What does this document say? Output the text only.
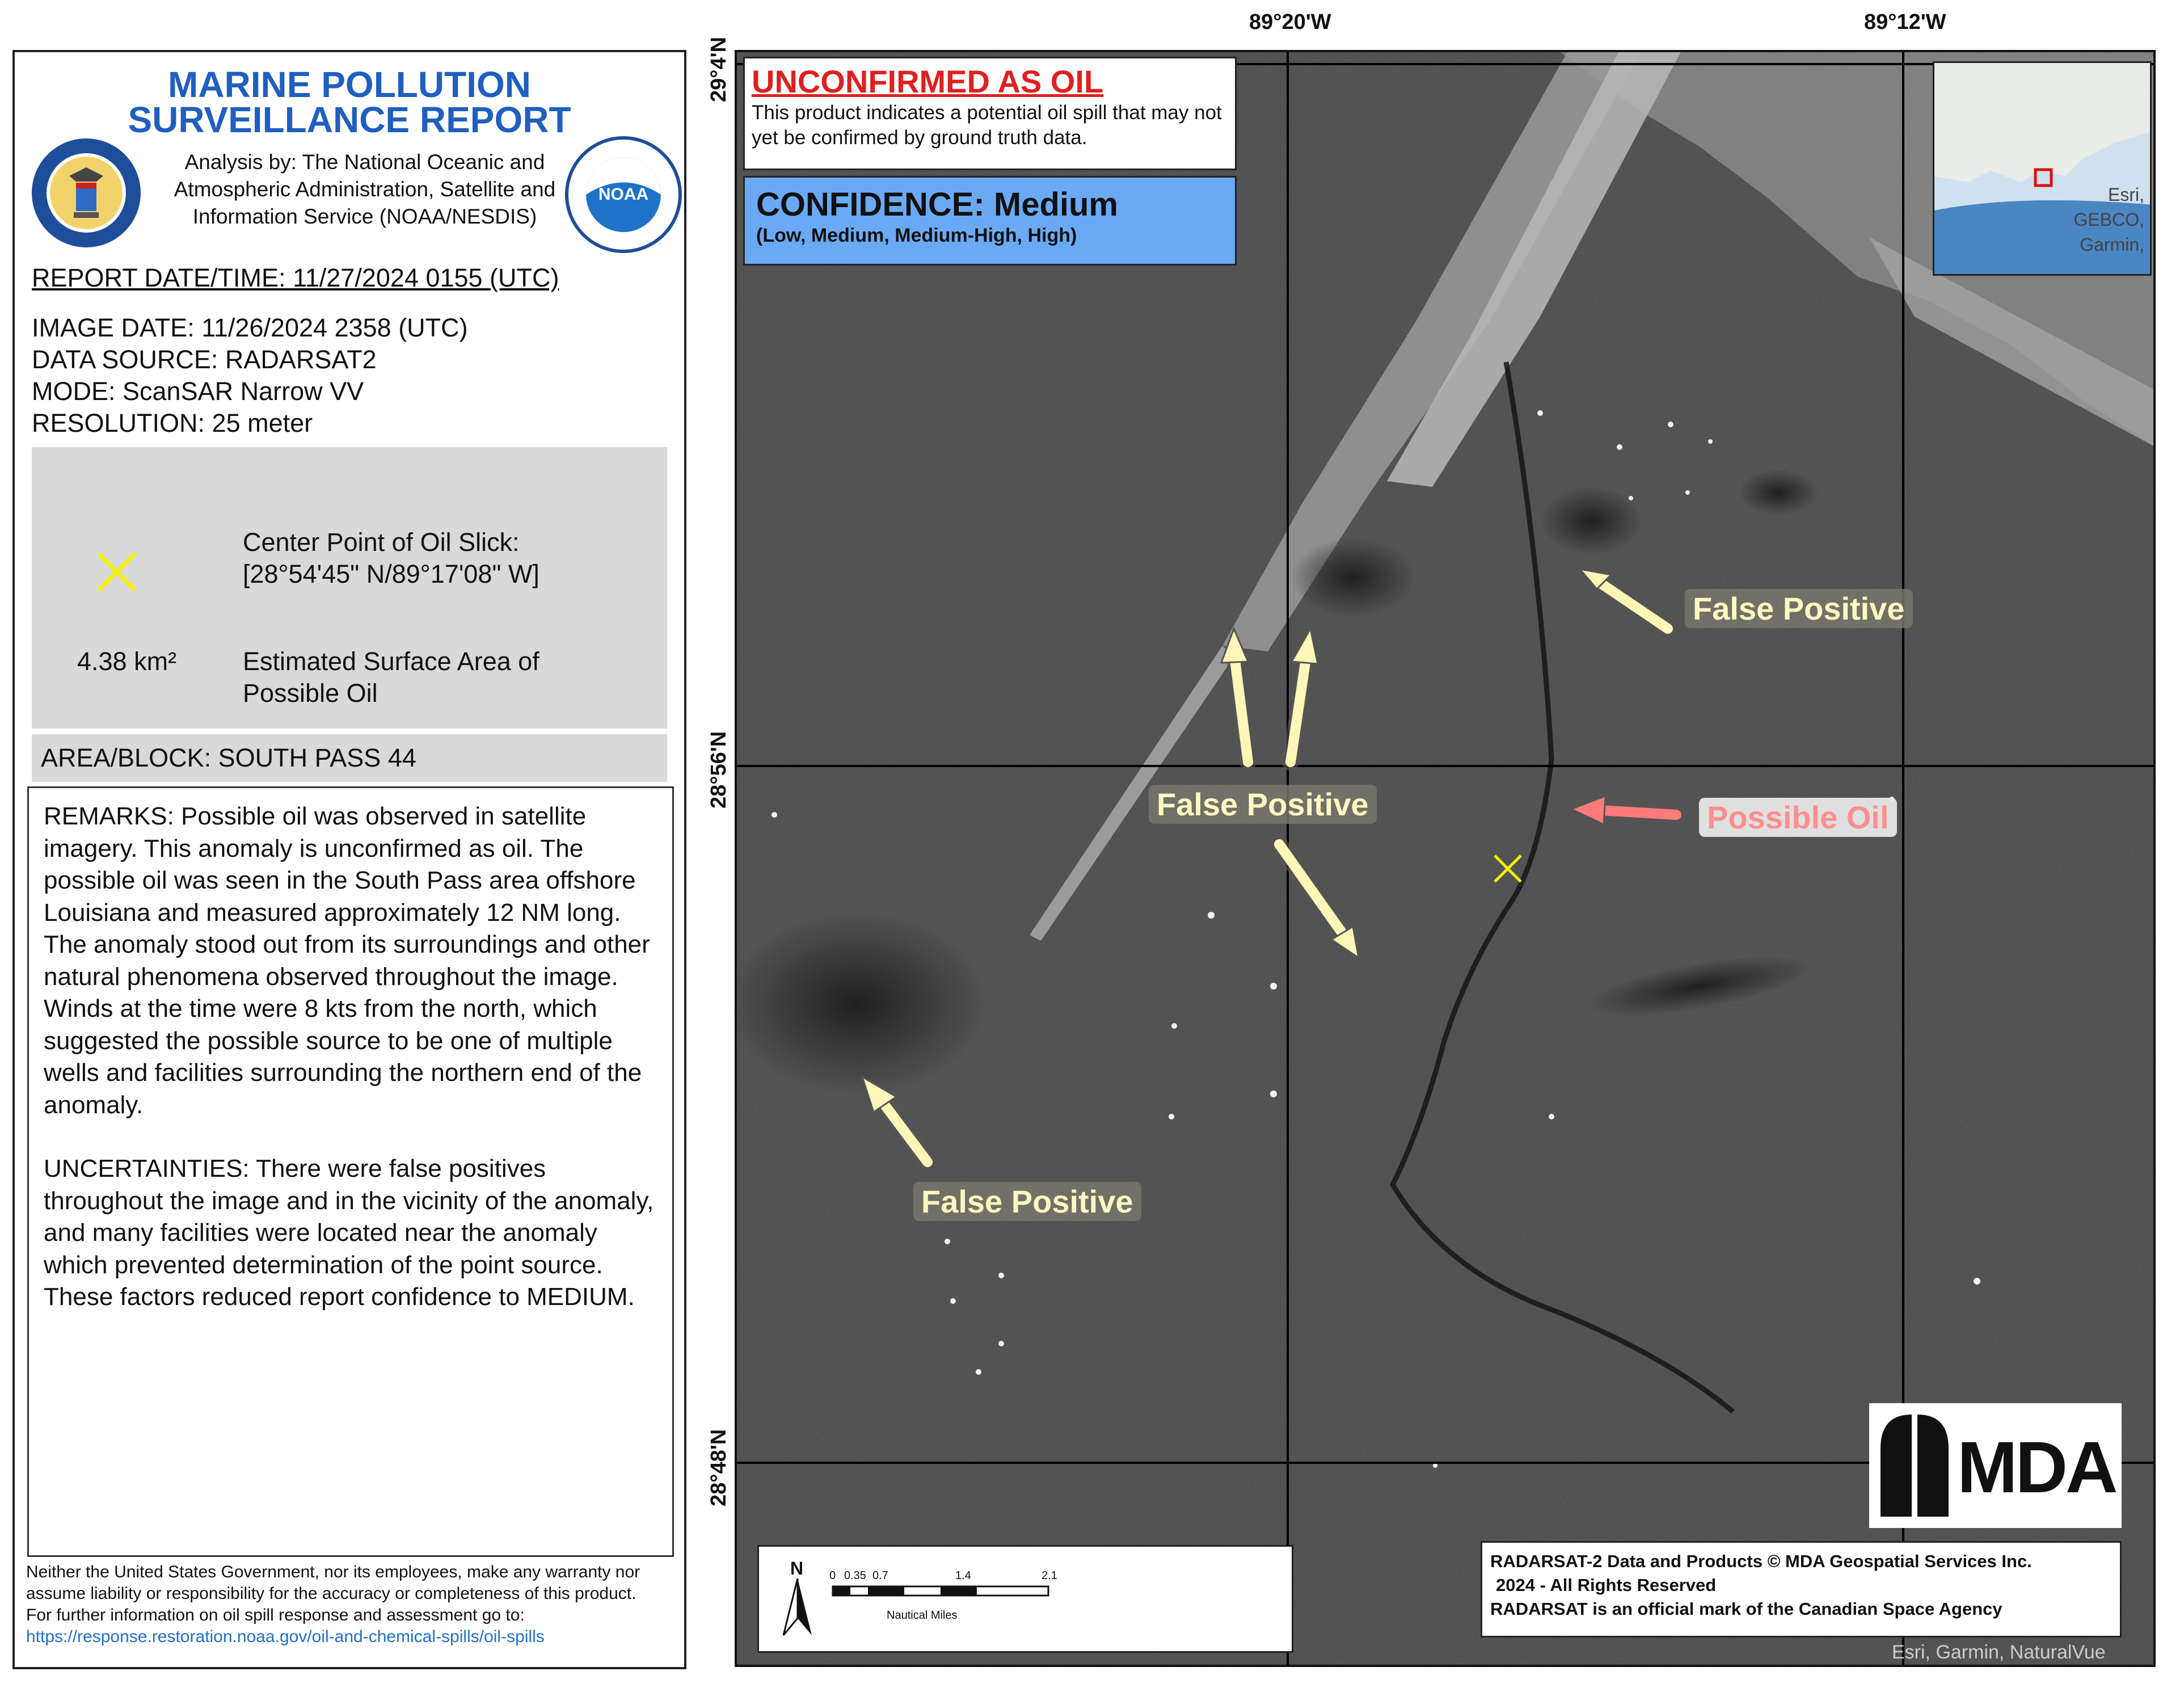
MARINE POLLUTION
SURVEILLANCE REPORT
Analysis by: The National Oceanic and Atmospheric Administration, Satellite and Information Service (NOAA/NESDIS)
NOAA
REPORT DATE/TIME: 11/27/2024 0155 (UTC)
IMAGE DATE: 11/26/2024 2358 (UTC)
DATA SOURCE: RADARSAT2
MODE: ScanSAR Narrow VV
RESOLUTION: 25 meter
Center Point of Oil Slick:
[28°54'45" N/89°17'08" W]
4.38 km²	Estimated Surface Area of Possible Oil
AREA/BLOCK: SOUTH PASS 44

REMARKS: Possible oil was observed in satellite imagery. This anomaly is unconfirmed as oil. The possible oil was seen in the South Pass area offshore Louisiana and measured approximately 12 NM long. The anomaly stood out from its surroundings and other natural phenomena observed throughout the image. Winds at the time were 8 kts from the north, which suggested the possible source to be one of multiple wells and facilities surrounding the northern end of the anomaly.

UNCERTAINTIES: There were false positives throughout the image and in the vicinity of the anomaly, and many facilities were located near the anomaly which prevented determination of the point source. These factors reduced report confidence to MEDIUM.

Neither the United States Government, nor its employees, make any warranty nor assume liability or responsibility for the accuracy or completeness of this product.
For further information on oil spill response and assessment go to: https://response.restoration.noaa.gov/oil-and-chemical-spills/oil-spills
89°20'W	89°12'W
29°4'N
28°56'N
28°48'N
UNCONFIRMED AS OIL
This product indicates a potential oil spill that may not yet be confirmed by ground truth data.
CONFIDENCE: Medium
(Low, Medium, Medium-High, High)
Esri,
GEBCO,
Garmin,
False Positive
False Positive
False Positive
Possible Oil
N 0 0.35 0.7	1.4	2.1
Nautical Miles
MDA
RADARSAT-2 Data and Products © MDA Geospatial Services Inc.
2024 - All Rights Reserved
RADARSAT is an official mark of the Canadian Space Agency
Esri, Garmin, NaturalVue
